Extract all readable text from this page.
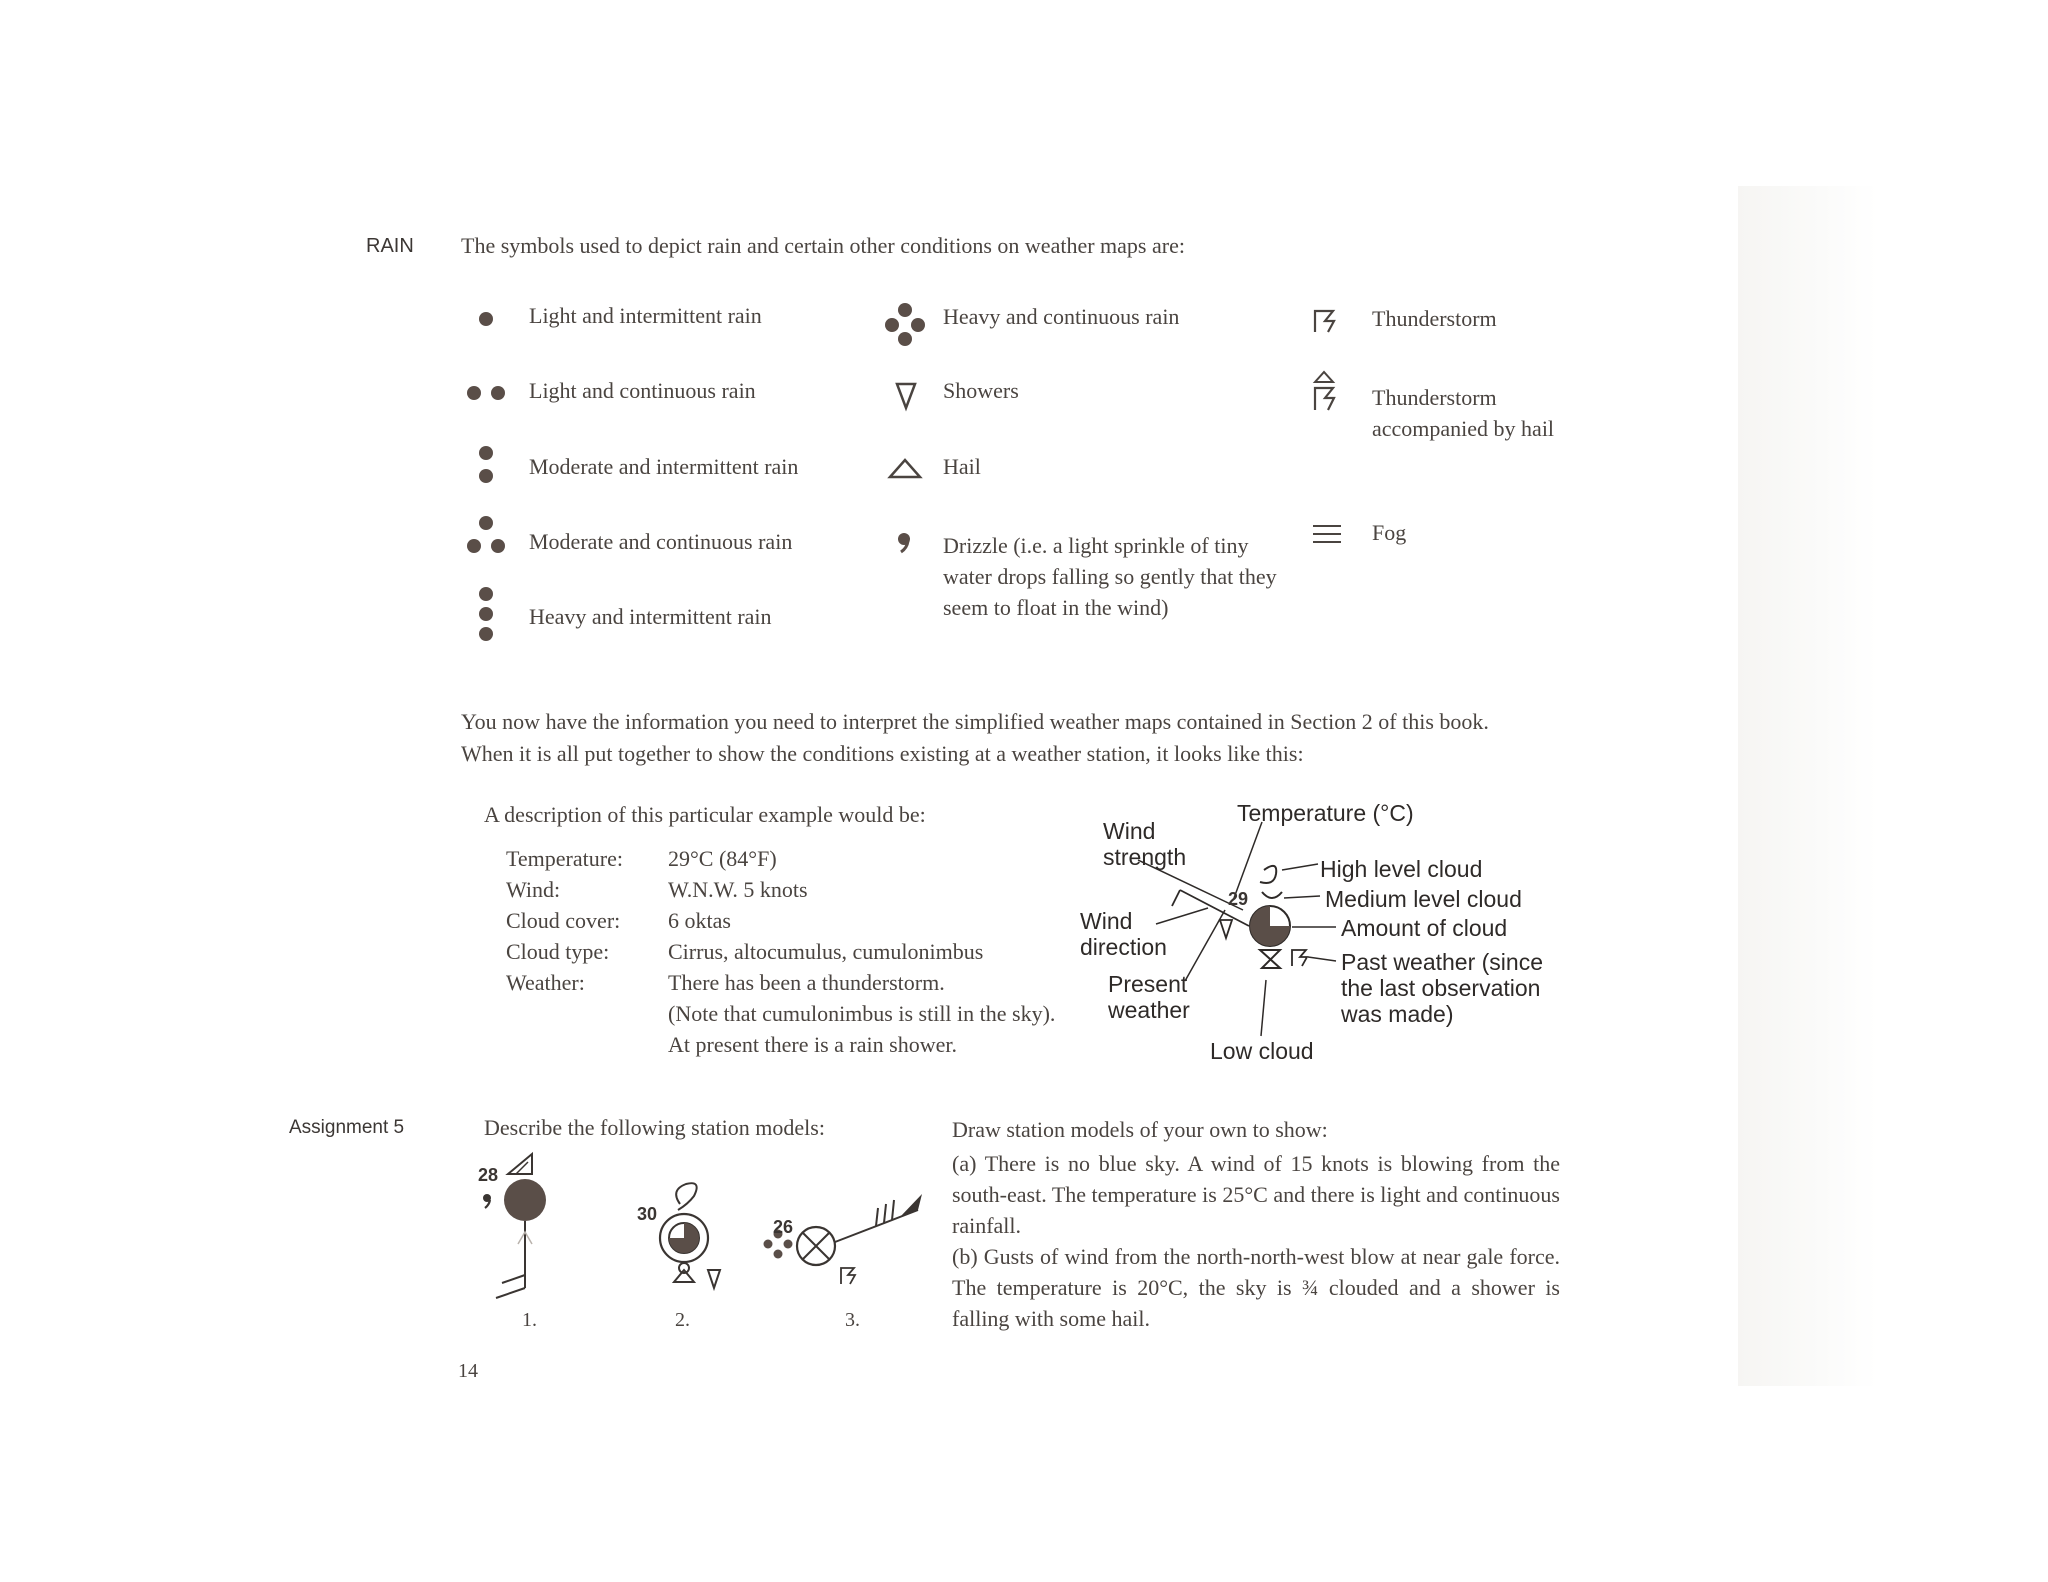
RAIN The symbols used to depict rain and certain other conditions on weather maps are:
Light and intermittent rain
Light and continuous rain
Moderate and intermittent rain
Moderate and continuous rain
Heavy and intermittent rain
Heavy and continuous rain
Showers
Hail
Drizzle (i.e. a light sprinkle of tiny water drops falling so gently that they seem to float in the wind)
Thunderstorm
Thunderstorm accompanied by hail
Fog
You now have the information you need to interpret the simplified weather maps contained in Section 2 of this book.
When it is all put together to show the conditions existing at a weather station, it looks like this:
A description of this particular example would be:
Temperature: 29°C (84°F)
Wind:	W.N.W. 5 knots
Cloud cover: 6 oktas
Cloud type:	Cirrus, altocumulus, cumulonimbus
Weather:	There has been a thunderstorm.
(Note that cumulonimbus is still in the sky).
At present there is a rain shower.
29
Temperature (°C)
Wind
strength	High level cloud
Medium level cloud
Wind
direction
Amount of cloud
Past weather (since
the last observation
was made)
Present
weather
Low cloud
Assignment 5	Describe the following station models:
28
1.
30
2.
26
3.
Draw station models of your own to show:
(a) There is no blue sky. A wind of 15 knots is blowing from the south-east. The temperature is 25°C and there is light and continuous rainfall.
(b) Gusts of wind from the north-north-west blow at near gale force. The temperature is 20°C, the sky is ¾ clouded and a shower is falling with some hail.
14
